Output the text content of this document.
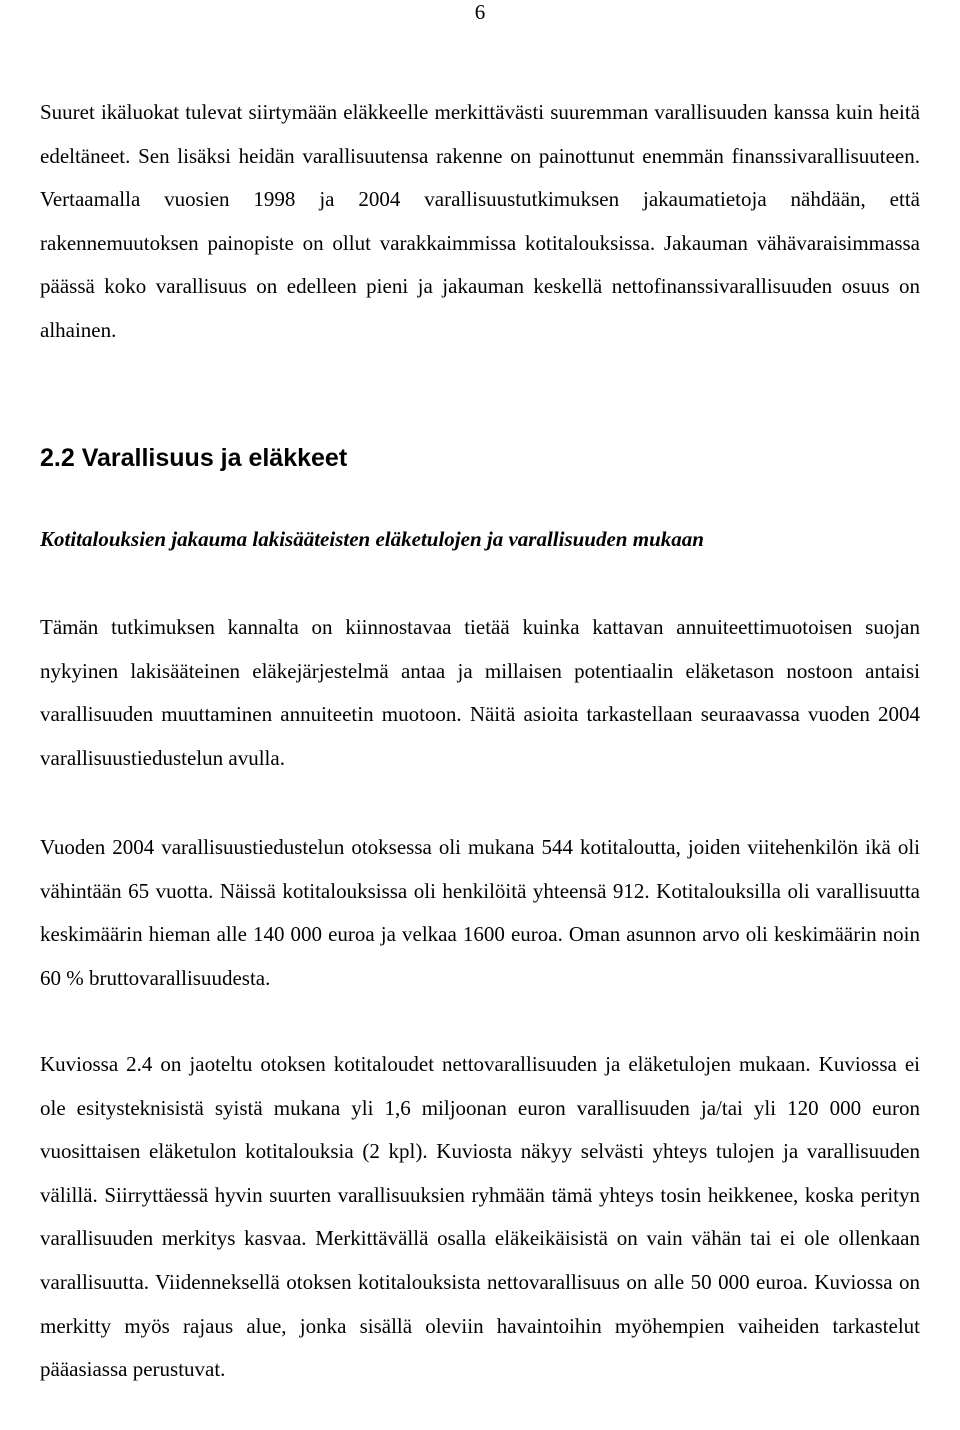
6

Suuret ikäluokat tulevat siirtymään eläkkeelle merkittävästi suuremman varallisuuden kanssa kuin heitä edeltäneet. Sen lisäksi heidän varallisuutensa rakenne on painottunut enemmän finanssivarallisuuteen. Vertaamalla vuosien 1998 ja 2004 varallisuustutkimuksen jakaumatietoja nähdään, että rakennemuutoksen painopiste on ollut varakkaimmissa kotitalouksissa. Jakauman vähävaraisimmassa päässä koko varallisuus on edelleen pieni ja jakauman keskellä nettofinanssivarallisuuden osuus on alhainen.

2.2 Varallisuus ja eläkkeet
Kotitalouksien jakauma lakisääteisten eläketulojen ja varallisuuden mukaan

Tämän tutkimuksen kannalta on kiinnostavaa tietää kuinka kattavan annuiteettimuotoisen suojan nykyinen lakisääteinen eläkejärjestelmä antaa ja millaisen potentiaalin eläketason nostoon antaisi varallisuuden muuttaminen annuiteetin muotoon. Näitä asioita tarkastellaan seuraavassa vuoden 2004 varallisuustiedustelun avulla.

Vuoden 2004 varallisuustiedustelun otoksessa oli mukana 544 kotitaloutta, joiden viitehenkilön ikä oli vähintään 65 vuotta. Näissä kotitalouksissa oli henkilöitä yhteensä 912. Kotitalouksilla oli varallisuutta keskimäärin hieman alle 140 000 euroa ja velkaa 1600 euroa. Oman asunnon arvo oli keskimäärin noin 60 % bruttovarallisuudesta.

Kuviossa 2.4 on jaoteltu otoksen kotitaloudet nettovarallisuuden ja eläketulojen mukaan. Kuviossa ei ole esitysteknisistä syistä mukana yli 1,6 miljoonan euron varallisuuden ja/tai yli 120 000 euron vuosittaisen eläketulon kotitalouksia (2 kpl). Kuviosta näkyy selvästi yhteys tulojen ja varallisuuden välillä. Siirryttäessä hyvin suurten varallisuuksien ryhmään tämä yhteys tosin heikkenee, koska perityn varallisuuden merkitys kasvaa. Merkittävällä osalla eläkeikäisistä on vain vähän tai ei ole ollenkaan varallisuutta. Viidenneksellä otoksen kotitalouksista nettovarallisuus on alle 50 000 euroa. Kuviossa on merkitty myös rajaus alue, jonka sisällä oleviin havaintoihin myöhempien vaiheiden tarkastelut pääasiassa perustuvat.
